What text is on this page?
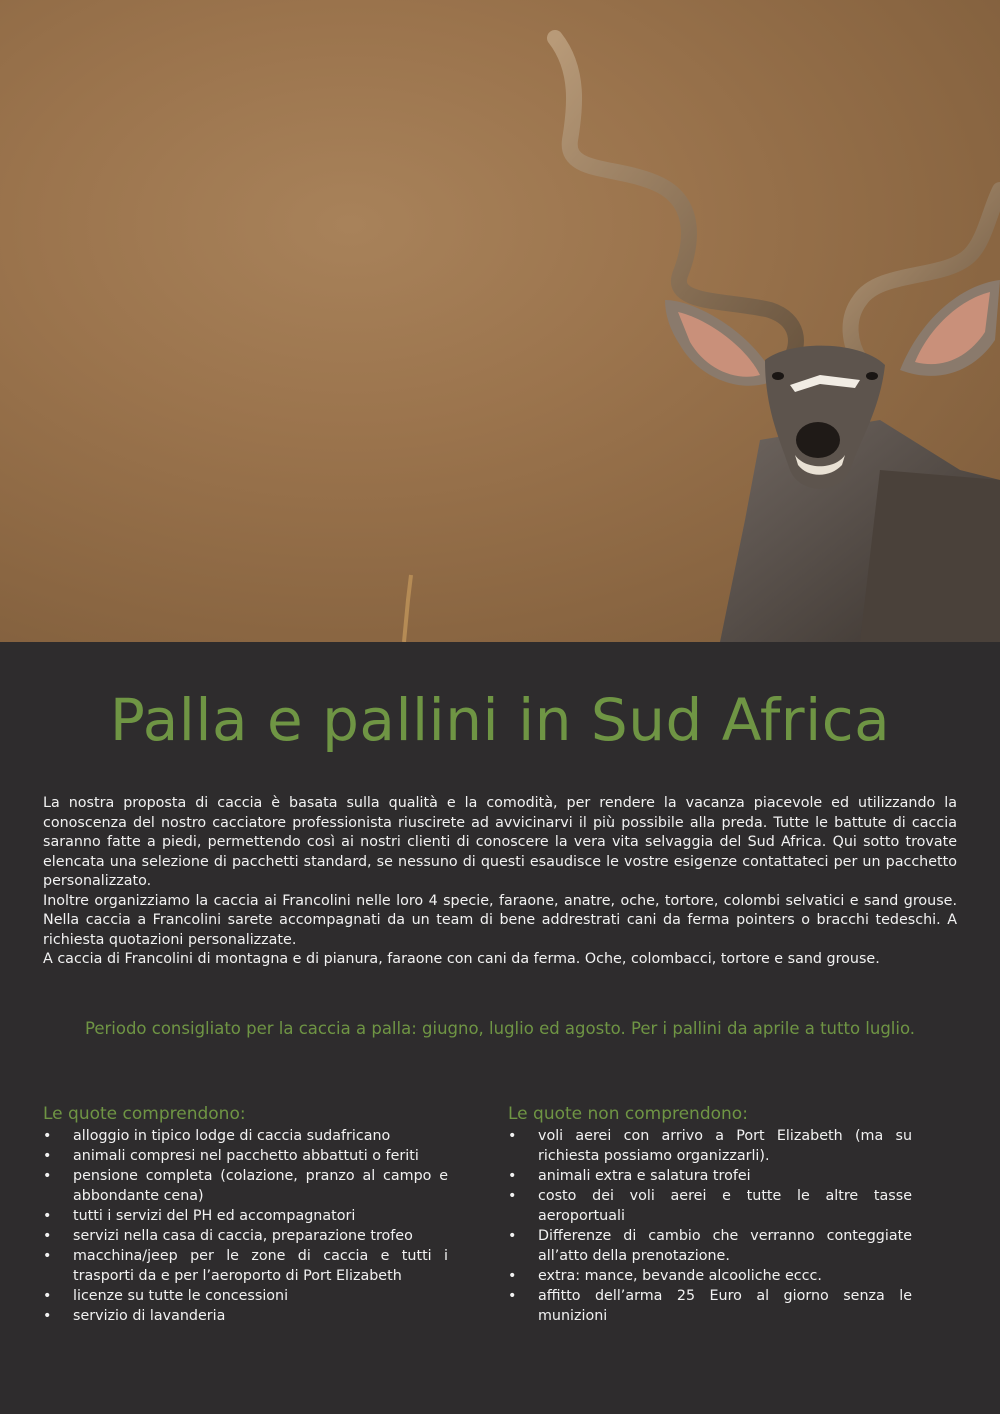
Palla e pallini in Sud Africa

La nostra proposta di caccia è basata sulla qualità e la comodità, per rendere la vacanza piacevole ed utilizzando la conoscenza del nostro cacciatore professionista riuscirete ad avvicinarvi il più possibile alla preda. Tutte le battute di caccia saranno fatte a piedi, permettendo così ai nostri clienti di conoscere la vera vita selvaggia del Sud Africa. Qui sotto trovate elencata una selezione di pacchetti standard, se nessuno di questi esaudisce le vostre esigenze contattateci per un pacchetto personalizzato.

Inoltre organizziamo la caccia ai Francolini nelle loro 4 specie, faraone, anatre, oche, tortore, colombi selvatici e sand grouse. Nella caccia a Francolini sarete accompagnati da un team di bene addrestrati cani da ferma pointers o bracchi tedeschi. A richiesta quotazioni personalizzate.

A caccia di Francolini di montagna e di pianura, faraone con cani da ferma. Oche, colombacci, tortore e sand grouse.

Periodo consigliato per la caccia a palla: giugno, luglio ed agosto. Per i pallini da aprile a tutto luglio.
Le quote comprendono:
• alloggio in tipico lodge di caccia sudafricano
• animali compresi nel pacchetto abbattuti o feriti
• pensione completa (colazione, pranzo al campo e abbondante cena)
• tutti i servizi del PH ed accompagnatori
• servizi nella casa di caccia, preparazione trofeo
• macchina/jeep per le zone di caccia e tutti i trasporti da e per l’aeroporto di Port Elizabeth
• licenze su tutte le concessioni
• servizio di lavanderia
Le quote non comprendono:
• voli aerei con arrivo a Port Elizabeth (ma su richiesta possiamo organizzarli).
• animali extra e salatura trofei
• costo dei voli aerei e tutte le altre tasse aeroportuali
• Differenze di cambio che verranno conteggiate all’atto della prenotazione.
• extra: mance, bevande alcooliche eccc.
• affitto dell’arma 25 Euro al giorno senza le munizioni
